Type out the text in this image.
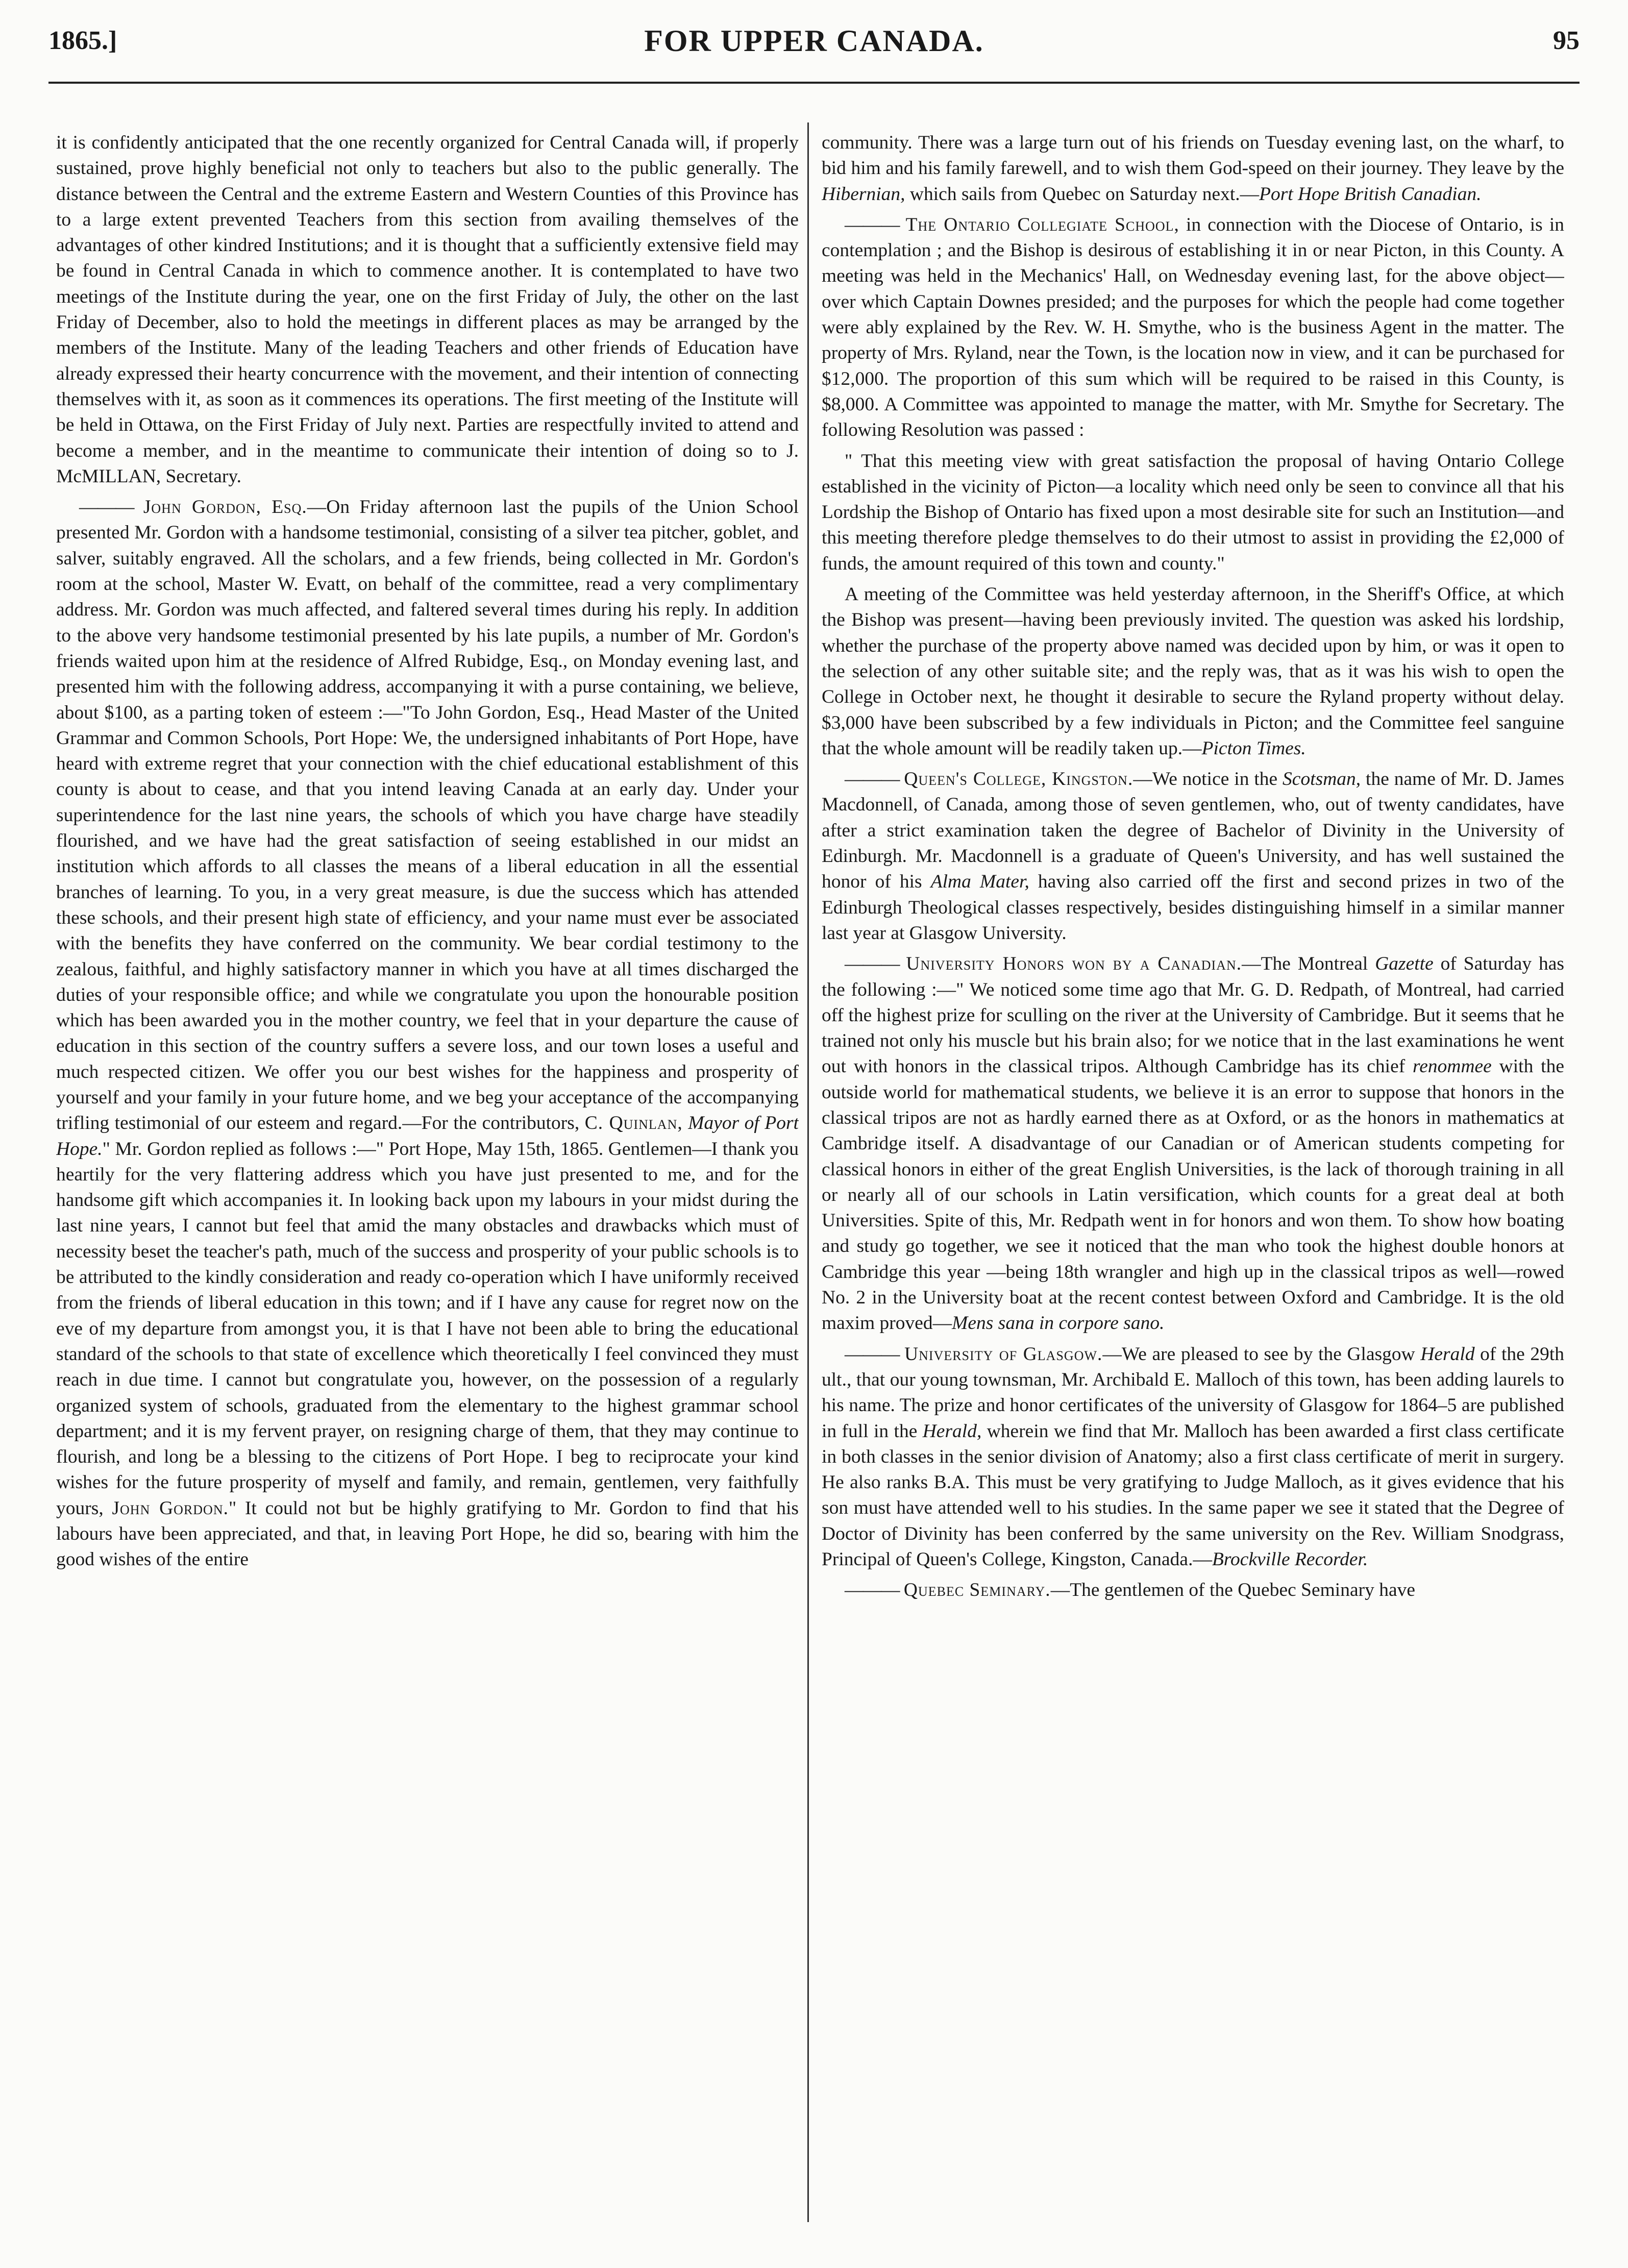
1865.]	FOR UPPER CANADA.	95

it is confidently anticipated that the one recently organized for Central Canada will, if properly sustained, prove highly beneficial not only to teachers but also to the public generally. The distance between the Central and the extreme Eastern and Western Counties of this Province has to a large extent prevented Teachers from this section from availing themselves of the advantages of other kindred Institutions; and it is thought that a sufficiently extensive field may be found in Central Canada in which to commence another. It is contemplated to have two meetings of the Institute during the year, one on the first Friday of July, the other on the last Friday of December, also to hold the meetings in different places as may be arranged by the members of the Institute. Many of the leading Teachers and other friends of Education have already expressed their hearty concurrence with the movement, and their intention of connecting themselves with it, as soon as it commences its operations. The first meeting of the Institute will be held in Ottawa, on the First Friday of July next. Parties are respectfully invited to attend and become a member, and in the meantime to communicate their intention of doing so to J. McMILLAN, Secretary.

——— John Gordon, Esq.—On Friday afternoon last the pupils of the Union School presented Mr. Gordon with a handsome testimonial, consisting of a silver tea pitcher, goblet, and salver, suitably engraved. All the scholars, and a few friends, being collected in Mr. Gordon's room at the school, Master W. Evatt, on behalf of the committee, read a very complimentary address. Mr. Gordon was much affected, and faltered several times during his reply. In addition to the above very handsome testimonial presented by his late pupils, a number of Mr. Gordon's friends waited upon him at the residence of Alfred Rubidge, Esq., on Monday evening last, and presented him with the following address, accompanying it with a purse containing, we believe, about $100, as a parting token of esteem :—"To John Gordon, Esq., Head Master of the United Grammar and Common Schools, Port Hope: We, the undersigned inhabitants of Port Hope, have heard with extreme regret that your connection with the chief educational establishment of this county is about to cease, and that you intend leaving Canada at an early day. Under your superintendence for the last nine years, the schools of which you have charge have steadily flourished, and we have had the great satisfaction of seeing established in our midst an institution which affords to all classes the means of a liberal education in all the essential branches of learning. To you, in a very great measure, is due the success which has attended these schools, and their present high state of efficiency, and your name must ever be associated with the benefits they have conferred on the community. We bear cordial testimony to the zealous, faithful, and highly satisfactory manner in which you have at all times discharged the duties of your responsible office; and while we congratulate you upon the honourable position which has been awarded you in the mother country, we feel that in your departure the cause of education in this section of the country suffers a severe loss, and our town loses a useful and much respected citizen. We offer you our best wishes for the happiness and prosperity of yourself and your family in your future home, and we beg your acceptance of the accompanying trifling testimonial of our esteem and regard.—For the contributors, C. Quinlan, Mayor of Port Hope." Mr. Gordon replied as follows :—" Port Hope, May 15th, 1865. Gentlemen—I thank you heartily for the very flattering address which you have just presented to me, and for the handsome gift which accompanies it. In looking back upon my labours in your midst during the last nine years, I cannot but feel that amid the many obstacles and drawbacks which must of necessity beset the teacher's path, much of the success and prosperity of your public schools is to be attributed to the kindly consideration and ready co-operation which I have uniformly received from the friends of liberal education in this town; and if I have any cause for regret now on the eve of my departure from amongst you, it is that I have not been able to bring the educational standard of the schools to that state of excellence which theoretically I feel convinced they must reach in due time. I cannot but congratulate you, however, on the possession of a regularly organized system of schools, graduated from the elementary to the highest grammar school department; and it is my fervent prayer, on resigning charge of them, that they may continue to flourish, and long be a blessing to the citizens of Port Hope. I beg to reciprocate your kind wishes for the future prosperity of myself and family, and remain, gentlemen, very faithfully yours, John Gordon." It could not but be highly gratifying to Mr. Gordon to find that his labours have been appreciated, and that, in leaving Port Hope, he did so, bearing with him the good wishes of the entire

community. There was a large turn out of his friends on Tuesday evening last, on the wharf, to bid him and his family farewell, and to wish them God-speed on their journey. They leave by the Hibernian, which sails from Quebec on Saturday next.—Port Hope British Canadian.

——— The Ontario Collegiate School, in connection with the Diocese of Ontario, is in contemplation ; and the Bishop is desirous of establishing it in or near Picton, in this County. A meeting was held in the Mechanics' Hall, on Wednesday evening last, for the above object—over which Captain Downes presided; and the purposes for which the people had come together were ably explained by the Rev. W. H. Smythe, who is the business Agent in the matter. The property of Mrs. Ryland, near the Town, is the location now in view, and it can be purchased for $12,000. The proportion of this sum which will be required to be raised in this County, is $8,000. A Committee was appointed to manage the matter, with Mr. Smythe for Secretary. The following Resolution was passed :

" That this meeting view with great satisfaction the proposal of having Ontario College established in the vicinity of Picton—a locality which need only be seen to convince all that his Lordship the Bishop of Ontario has fixed upon a most desirable site for such an Institution—and this meeting therefore pledge themselves to do their utmost to assist in providing the £2,000 of funds, the amount required of this town and county."

A meeting of the Committee was held yesterday afternoon, in the Sheriff's Office, at which the Bishop was present—having been previously invited. The question was asked his lordship, whether the purchase of the property above named was decided upon by him, or was it open to the selection of any other suitable site; and the reply was, that as it was his wish to open the College in October next, he thought it desirable to secure the Ryland property without delay. $3,000 have been subscribed by a few individuals in Picton; and the Committee feel sanguine that the whole amount will be readily taken up.—Picton Times.

——— Queen's College, Kingston.—We notice in the Scotsman, the name of Mr. D. James Macdonnell, of Canada, among those of seven gentlemen, who, out of twenty candidates, have after a strict examination taken the degree of Bachelor of Divinity in the University of Edinburgh. Mr. Macdonnell is a graduate of Queen's University, and has well sustained the honor of his Alma Mater, having also carried off the first and second prizes in two of the Edinburgh Theological classes respectively, besides distinguishing himself in a similar manner last year at Glasgow University.

——— University Honors won by a Canadian.—The Montreal Gazette of Saturday has the following :—" We noticed some time ago that Mr. G. D. Redpath, of Montreal, had carried off the highest prize for sculling on the river at the University of Cambridge. But it seems that he trained not only his muscle but his brain also; for we notice that in the last examinations he went out with honors in the classical tripos. Although Cambridge has its chief renommee with the outside world for mathematical students, we believe it is an error to suppose that honors in the classical tripos are not as hardly earned there as at Oxford, or as the honors in mathematics at Cambridge itself. A disadvantage of our Canadian or of American students competing for classical honors in either of the great English Universities, is the lack of thorough training in all or nearly all of our schools in Latin versification, which counts for a great deal at both Universities. Spite of this, Mr. Redpath went in for honors and won them. To show how boating and study go together, we see it noticed that the man who took the highest double honors at Cambridge this year —being 18th wrangler and high up in the classical tripos as well—rowed No. 2 in the University boat at the recent contest between Oxford and Cambridge. It is the old maxim proved—Mens sana in corpore sano.

——— University of Glasgow.—We are pleased to see by the Glasgow Herald of the 29th ult., that our young townsman, Mr. Archibald E. Malloch of this town, has been adding laurels to his name. The prize and honor certificates of the university of Glasgow for 1864–5 are published in full in the Herald, wherein we find that Mr. Malloch has been awarded a first class certificate in both classes in the senior division of Anatomy; also a first class certificate of merit in surgery. He also ranks B.A. This must be very gratifying to Judge Malloch, as it gives evidence that his son must have attended well to his studies. In the same paper we see it stated that the Degree of Doctor of Divinity has been conferred by the same university on the Rev. William Snodgrass, Principal of Queen's College, Kingston, Canada.—Brockville Recorder.

——— Quebec Seminary.—The gentlemen of the Quebec Seminary have
